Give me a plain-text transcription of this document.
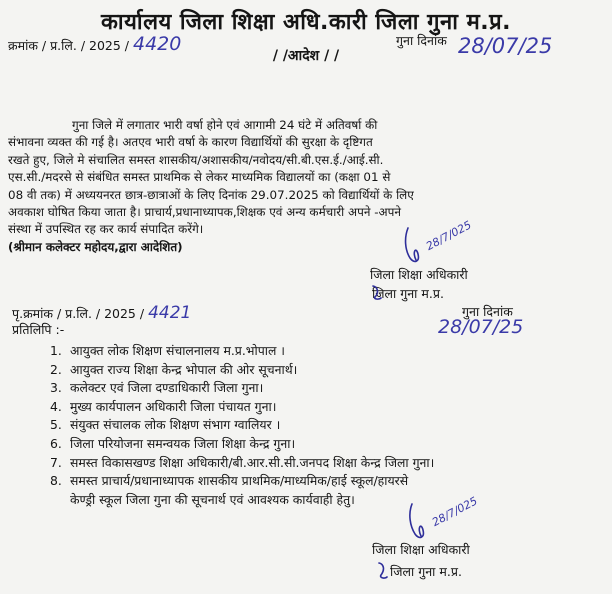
कार्यालय जिला शिक्षा अधि.कारी जिला गुना म.प्र.
क्रमांक / प्र.लि. / 2025 / 4420	गुना दिनांक 28/07/25
/ /आदेश / /

गुना जिले में लगातार भारी वर्षा होने एवं आगामी 24 घंटे में अतिवर्षा की

संभावना व्यक्त की गई है। अतएव भारी वर्षा के कारण विद्यार्थियों की सुरक्षा के दृष्टिगत

रखते हुए, जिले मे संचालित समस्त शासकीय/अशासकीय/नवोदय/सी.बी.एस.ई./आई.सी.

एस.सी./मदरसे से संबंधित समस्त प्राथमिक से लेकर माध्यमिक विद्यालयों का (कक्षा 01 से

08 वी तक) में अध्ययनरत छात्र-छात्राओं के लिए दिनांक 29.07.2025 को विद्यार्थियों के लिए

अवकाश घोषित किया जाता है। प्राचार्य,प्रधानाध्यापक,शिक्षक एवं अन्य कर्मचारी अपने -अपने

संस्था में उपस्थित रह कर कार्य संपादित करेंगे।

(श्रीमान कलेक्टर महोदय,द्वारा आदेशित)	28/7/025
जिला शिक्षा अधिकारी
जिला गुना म.प्र.
पृ.क्रमांक / प्र.लि. / 2025 / 4421	गुना दिनांक
28/07/25
प्रतिलिपि :-
1. आयुक्त लोक शिक्षण संचालनालय म.प्र.भोपाल ।
2. आयुक्त राज्य शिक्षा केन्द्र भोपाल की ओर सूचनार्थ।
3. कलेक्टर एवं जिला दण्डाधिकारी जिला गुना।
4. मुख्य कार्यपालन अधिकारी जिला पंचायत गुना।
5. संयुक्त संचालक लोक शिक्षण संभाग ग्वालियर ।
6. जिला परियोजना समन्वयक जिला शिक्षा केन्द्र गुना।
7. समस्त विकासखण्ड शिक्षा अधिकारी/बी.आर.सी.सी.जनपद शिक्षा केन्द्र जिला गुना।
8. समस्त प्राचार्य/प्रधानाध्यापक शासकीय प्राथमिक/माध्यमिक/हाई स्कूल/हायरसे
केण्ड्री स्कूल जिला गुना की सूचनार्थ एवं आवश्यक कार्यवाही हेतु।	28/7/025
जिला शिक्षा अधिकारी
जिला गुना म.प्र.
